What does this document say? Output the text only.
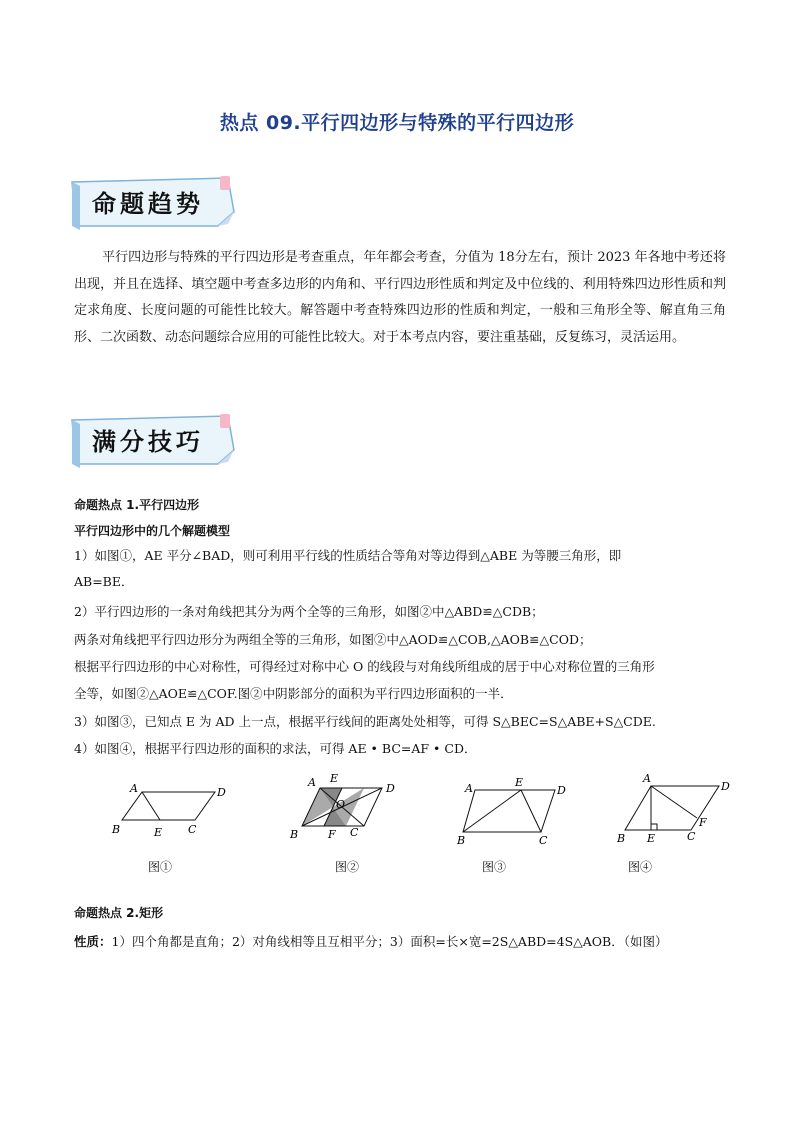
热点 09.平行四边形与特殊的平行四边形
命题趋势
平行四边形与特殊的平行四边形是考查重点，年年都会考查，分值为 18分左右，预计 2023 年各地中考还将出现，并且在选择、填空题中考查多边形的内角和、平行四边形性质和判定及中位线的、利用特殊四边形性质和判定求角度、长度问题的可能性比较大。解答题中考查特殊四边形的性质和判定，一般和三角形全等、解直角三角形、二次函数、动态问题综合应用的可能性比较大。对于本考点内容，要注重基础，反复练习，灵活运用。
满分技巧
命题热点 1.平行四边形
平行四边形中的几个解题模型
1）如图①，AE 平分∠BAD，则可利用平行线的性质结合等角对等边得到△ABE 为等腰三角形，即
AB=BE．
2）平行四边形的一条对角线把其分为两个全等的三角形，如图②中△ABD≌△CDB；
两条对角线把平行四边形分为两组全等的三角形，如图②中△AOD≌△COB,△AOB≌△COD；
根据平行四边形的中心对称性，可得经过对称中心 O 的线段与对角线所组成的居于中心对称位置的三角形
全等，如图②△AOE≌△COF.图②中阴影部分的面积为平行四边形面积的一半．
3）如图③，已知点 E 为 AD 上一点，根据平行线间的距离处处相等，可得 S△BEC=S△ABE+S△CDE.
4）如图④，根据平行四边形的面积的求法，可得 AE • BC=AF • CD．
A	D
B	E C
A E
D
O
B	F C
A	E
D
B	C
A
D
B E
F
C
图①	图②	图③	图④
命题热点 2.矩形
性质：1）四个角都是直角；2）对角线相等且互相平分；3）面积=长×宽=2S△ABD=4S△AOB．（如图）
